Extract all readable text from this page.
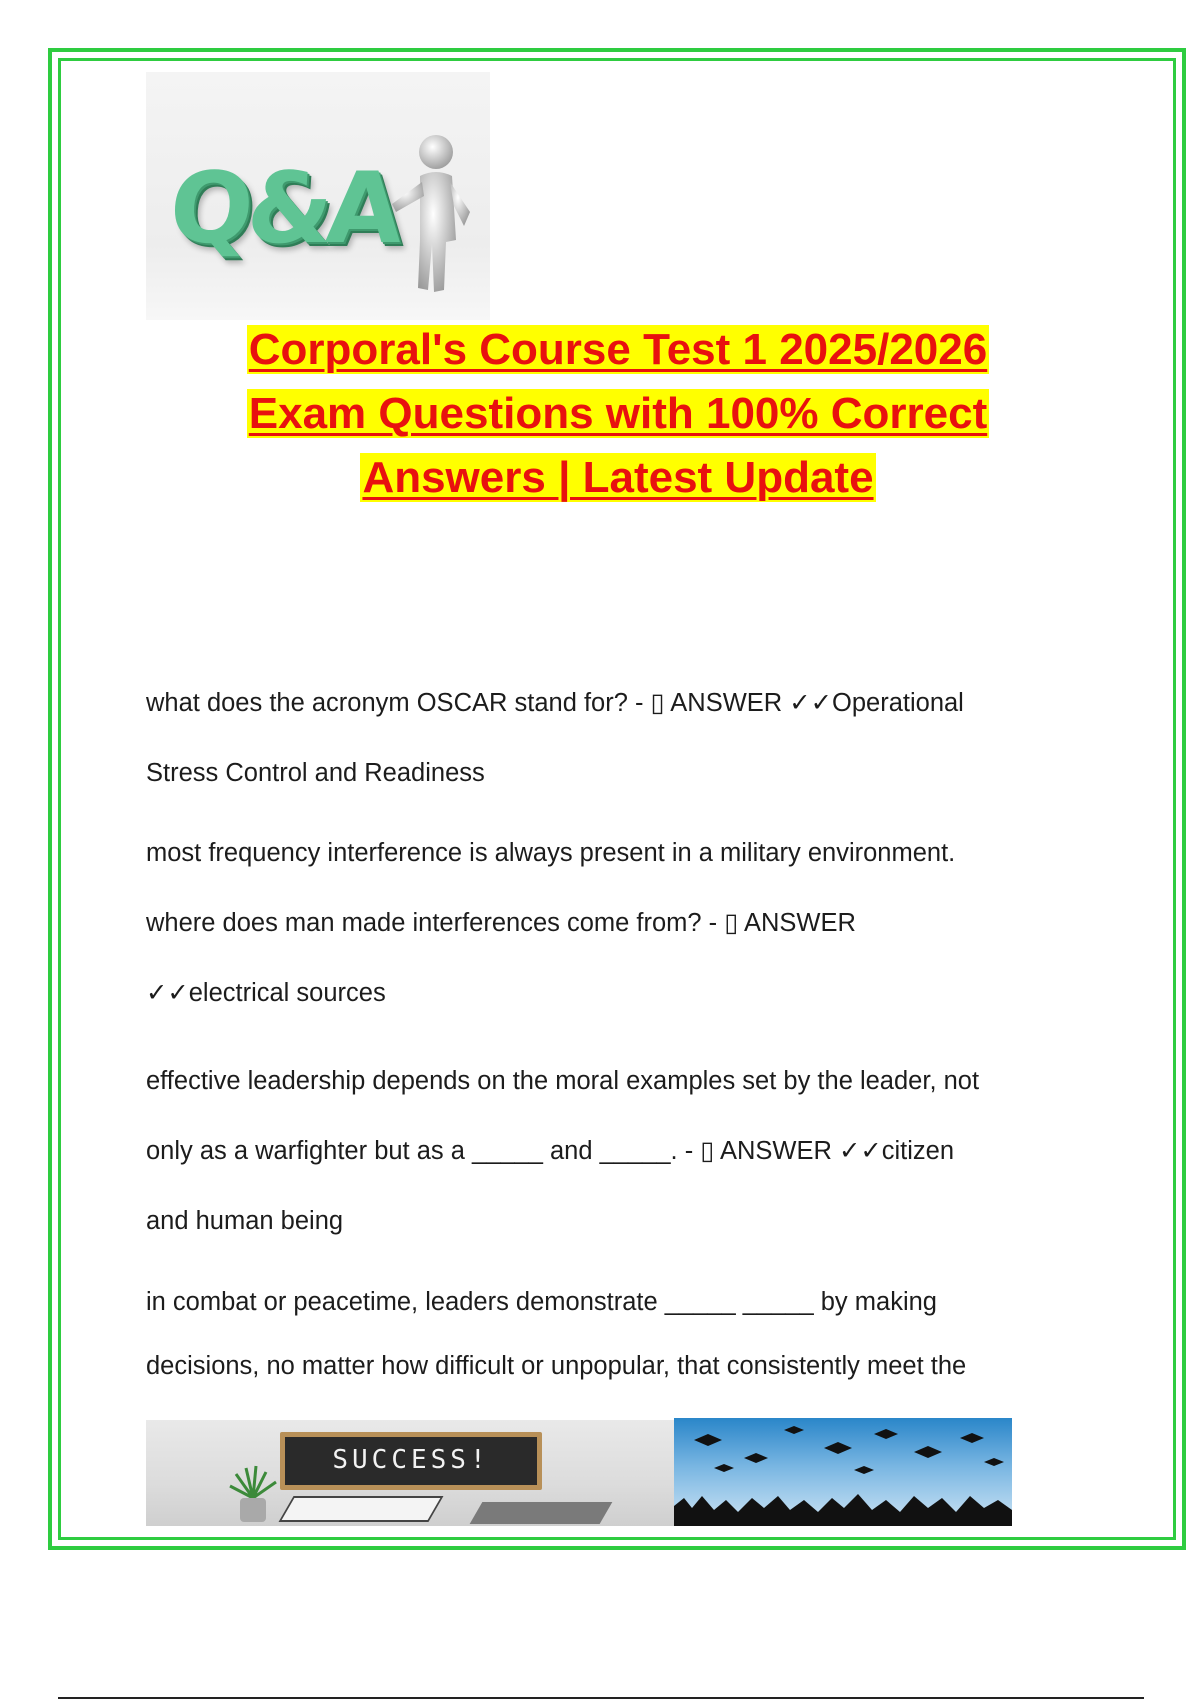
Q&A
Corporal's Course Test 1 2025/2026
Exam Questions with 100% Correct
Answers | Latest Update
what does the acronym OSCAR stand for? - ▯ ANSWER ✓✓Operational
Stress Control and Readiness
most frequency interference is always present in a military environment.
where does man made interferences come from? - ▯ ANSWER
✓✓electrical sources
effective leadership depends on the moral examples set by the leader, not
only as a warfighter but as a _____ and _____. - ▯ ANSWER ✓✓citizen
and human being
in combat or peacetime, leaders demonstrate _____ _____ by making
decisions, no matter how difficult or unpopular, that consistently meet the
SUCCESS!
